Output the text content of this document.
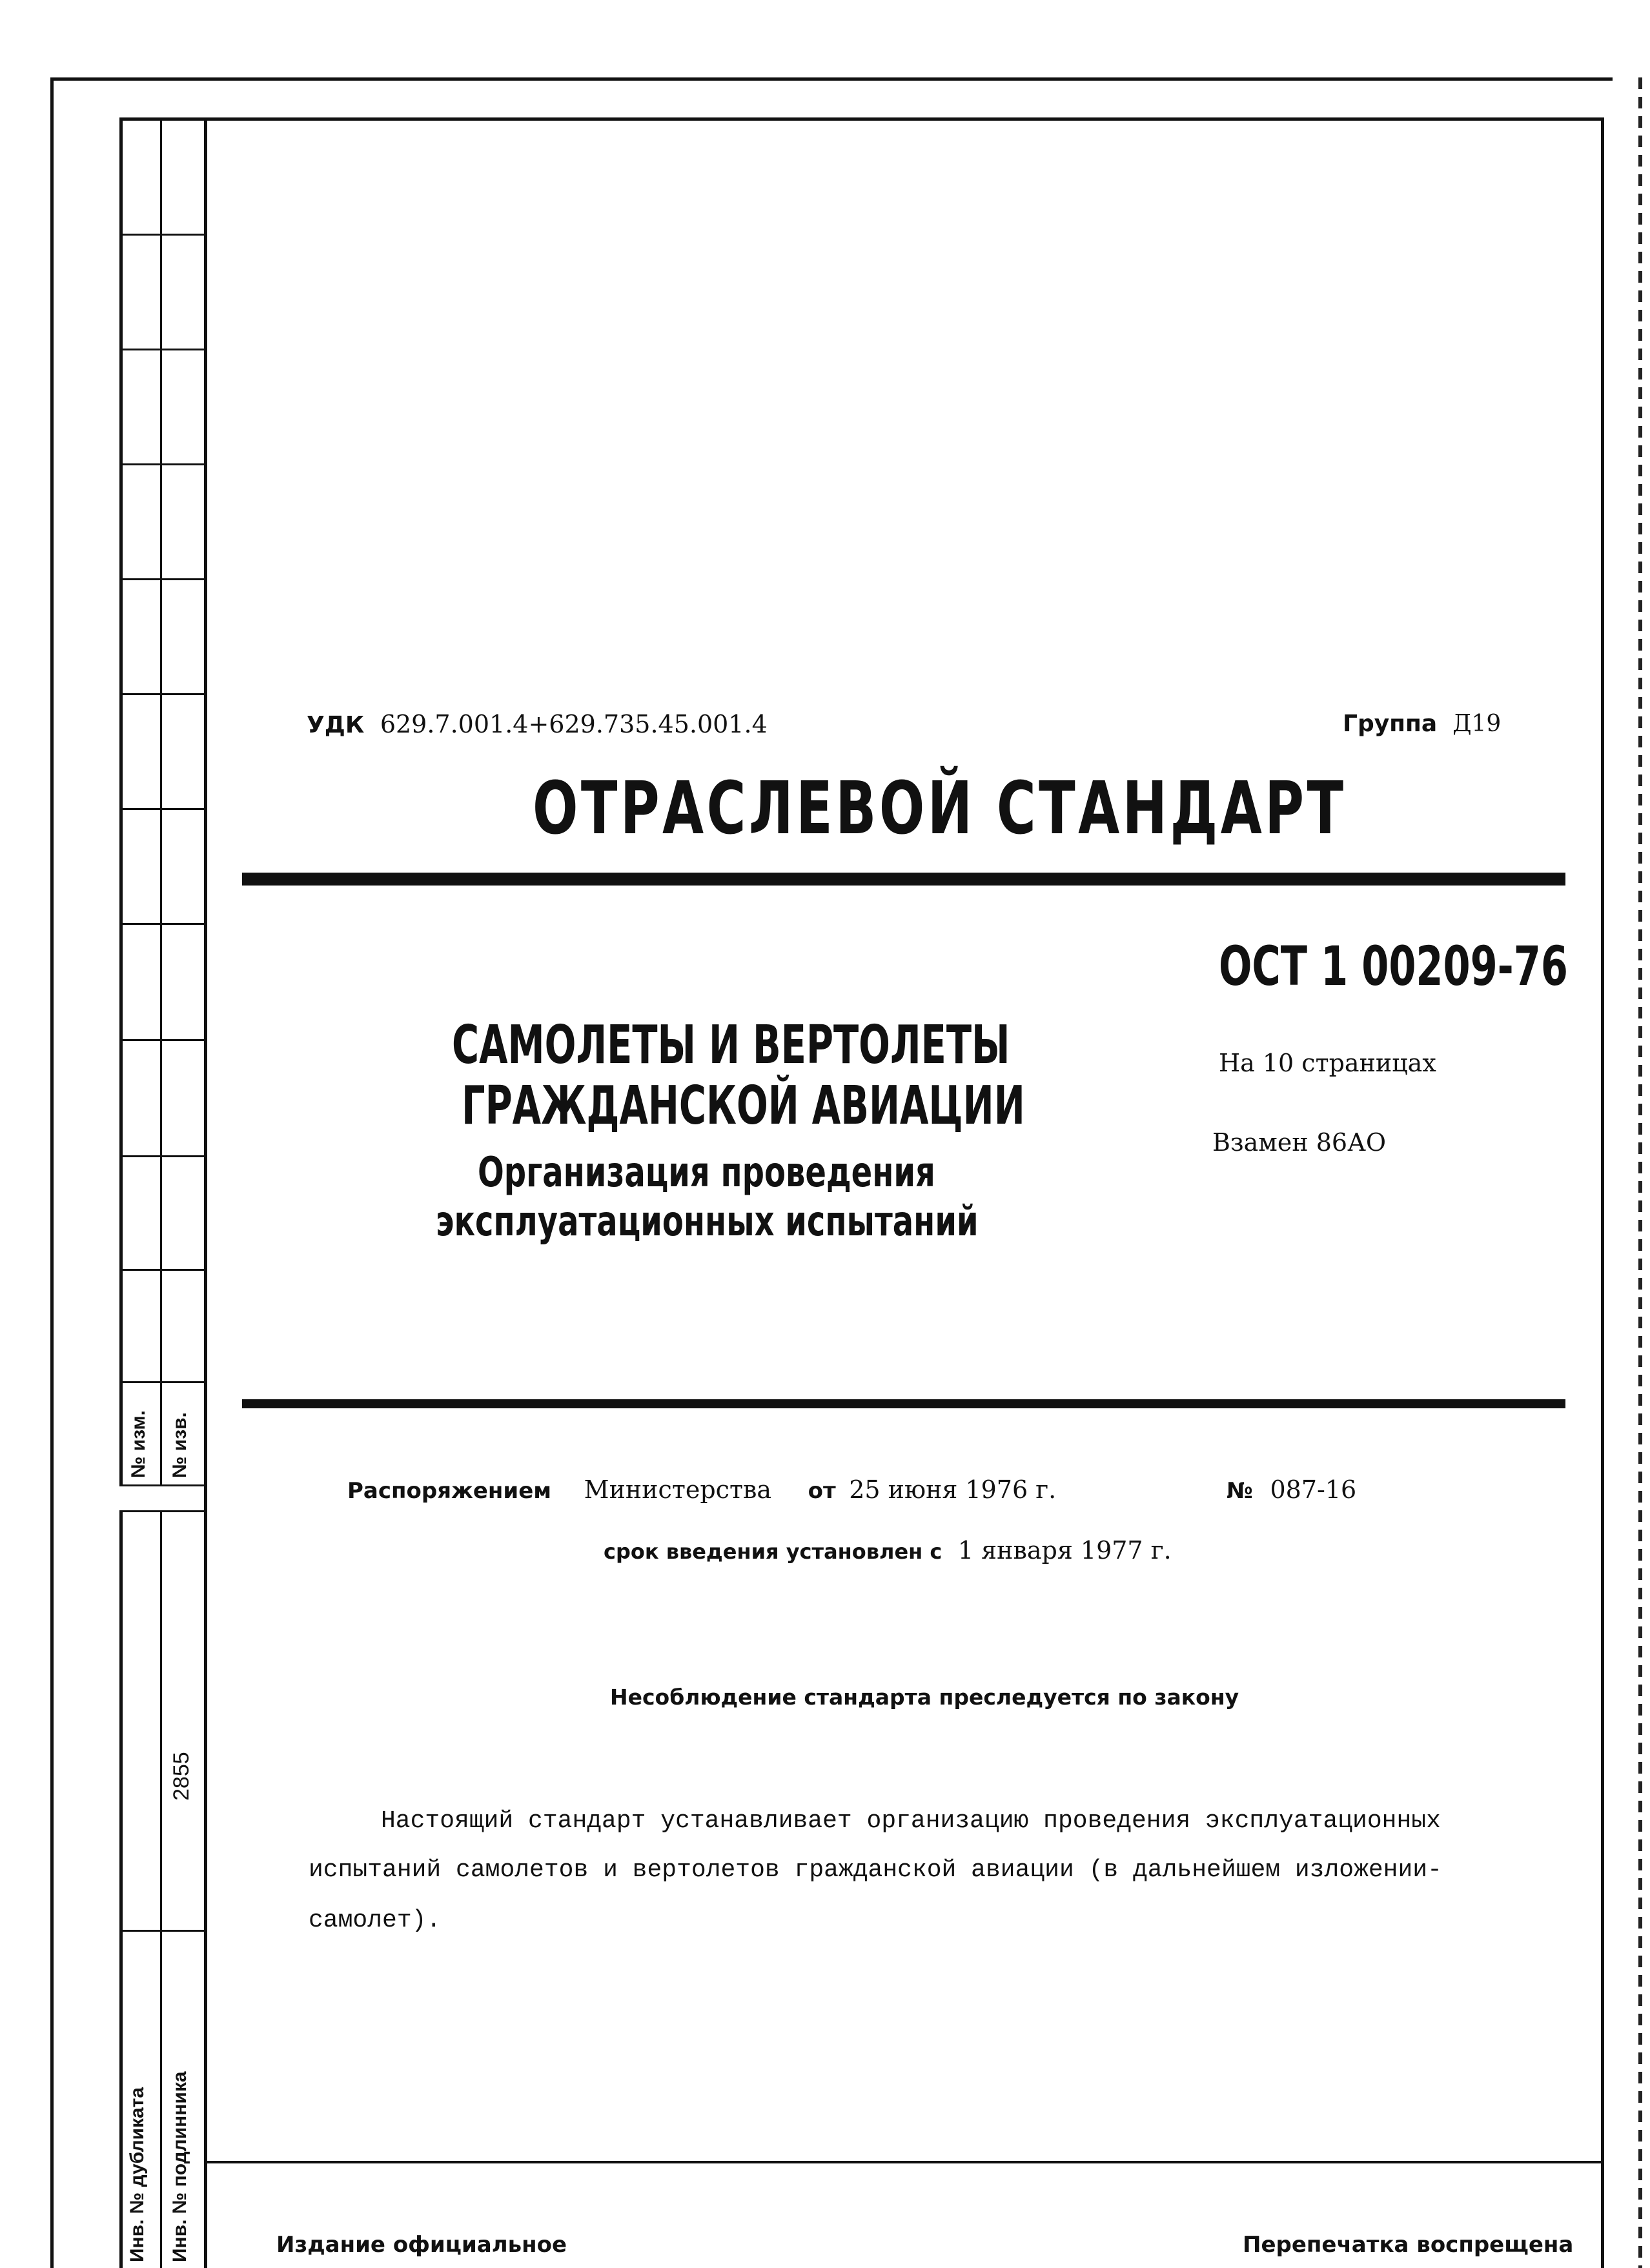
№ изм. № изв.
2855
Инв. № дубликата Инв. № подлинника
УДК 629.7.001.4+629.735.45.001.4	Группа Д19
ОТРАСЛЕВОЙ СТАНДАРТ
ОСТ 1 00209-76
На 10 страницах
Взамен 86АО
САМОЛЕТЫ И ВЕРТОЛЕТЫ
ГРАЖДАНСКОЙ АВИАЦИИ
Организация проведения
эксплуатационных испытаний
Распоряжением Министерства от 25 июня 1976 г.	№ 087-16
срок введения установлен с 1 января 1977 г.
Несоблюдение стандарта преследуется по закону
Настоящий стандарт устанавливает организацию проведения эксплуатационных
испытаний самолетов и вертолетов гражданской авиации (в дальнейшем изложении-
самолет).
Издание официальное	Перепечатка воспрещена
